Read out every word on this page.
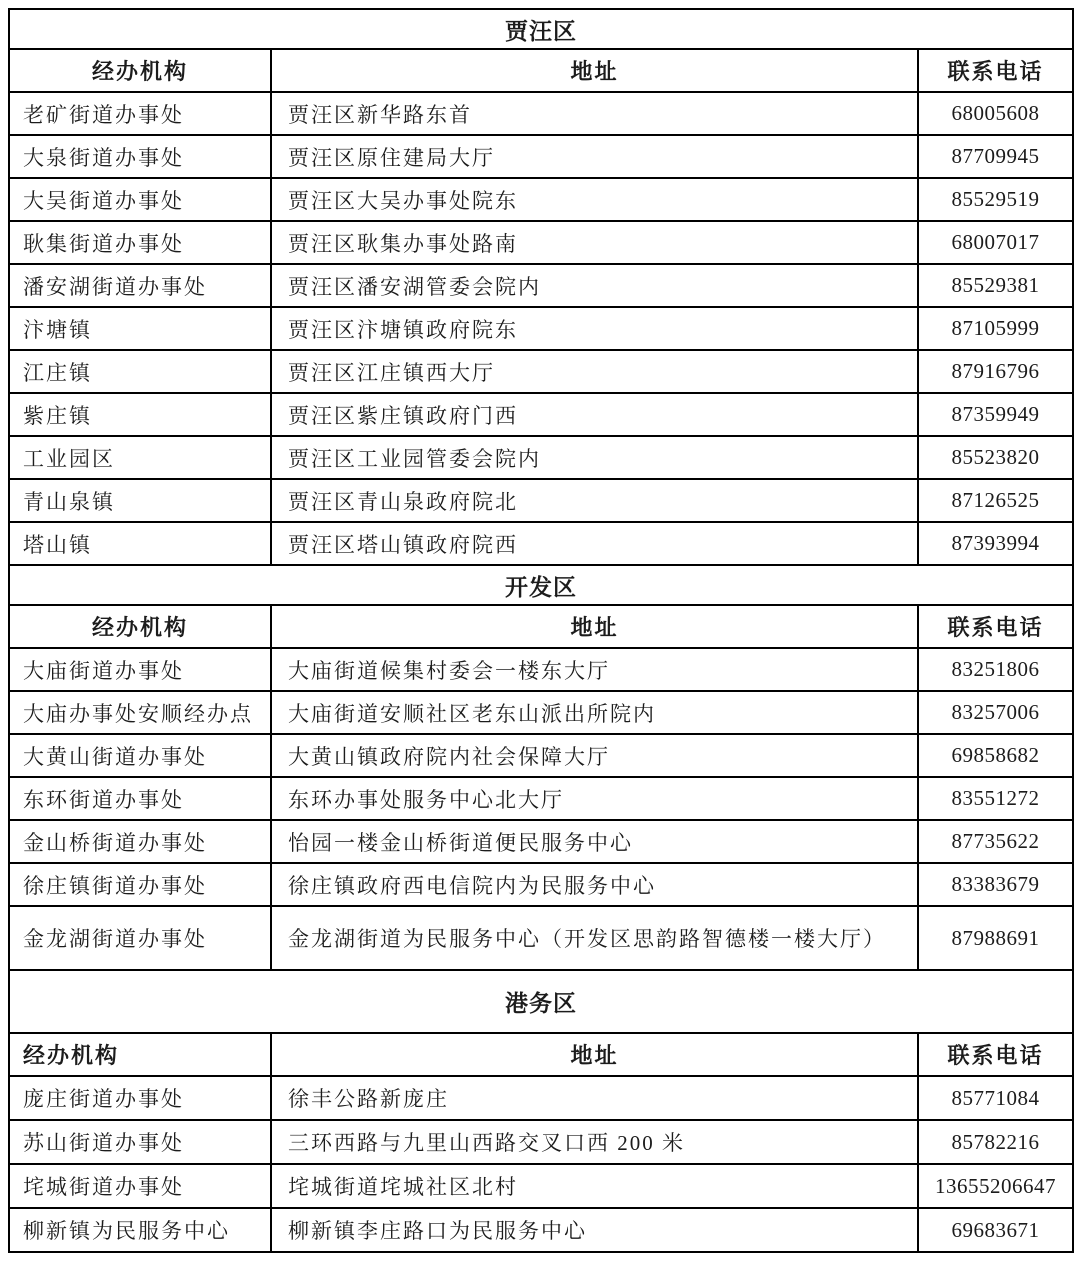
贾汪区		
经办机构	地址	联系电话
老矿街道办事处	贾汪区新华路东首	68005608
大泉街道办事处	贾汪区原住建局大厅	87709945
大吴街道办事处	贾汪区大吴办事处院东	85529519
耿集街道办事处	贾汪区耿集办事处路南	68007017
潘安湖街道办事处	贾汪区潘安湖管委会院内	85529381
汴塘镇	贾汪区汴塘镇政府院东	87105999
江庄镇	贾汪区江庄镇西大厅	87916796
紫庄镇	贾汪区紫庄镇政府门西	87359949
工业园区	贾汪区工业园管委会院内	85523820
青山泉镇	贾汪区青山泉政府院北	87126525
塔山镇	贾汪区塔山镇政府院西	87393994
开发区		
经办机构	地址	联系电话
大庙街道办事处	大庙街道候集村委会一楼东大厅	83251806
大庙办事处安顺经办点	大庙街道安顺社区老东山派出所院内	83257006
大黄山街道办事处	大黄山镇政府院内社会保障大厅	69858682
东环街道办事处	东环办事处服务中心北大厅	83551272
金山桥街道办事处	怡园一楼金山桥街道便民服务中心	87735622
徐庄镇街道办事处	徐庄镇政府西电信院内为民服务中心	83383679
金龙湖街道办事处	金龙湖街道为民服务中心（开发区思韵路智德楼一楼大厅）	87988691
港务区		
经办机构	地址	联系电话
庞庄街道办事处	徐丰公路新庞庄	85771084
苏山街道办事处	三环西路与九里山西路交叉口西 200 米	85782216
垞城街道办事处	垞城街道垞城社区北村	13655206647
柳新镇为民服务中心	柳新镇李庄路口为民服务中心	69683671
